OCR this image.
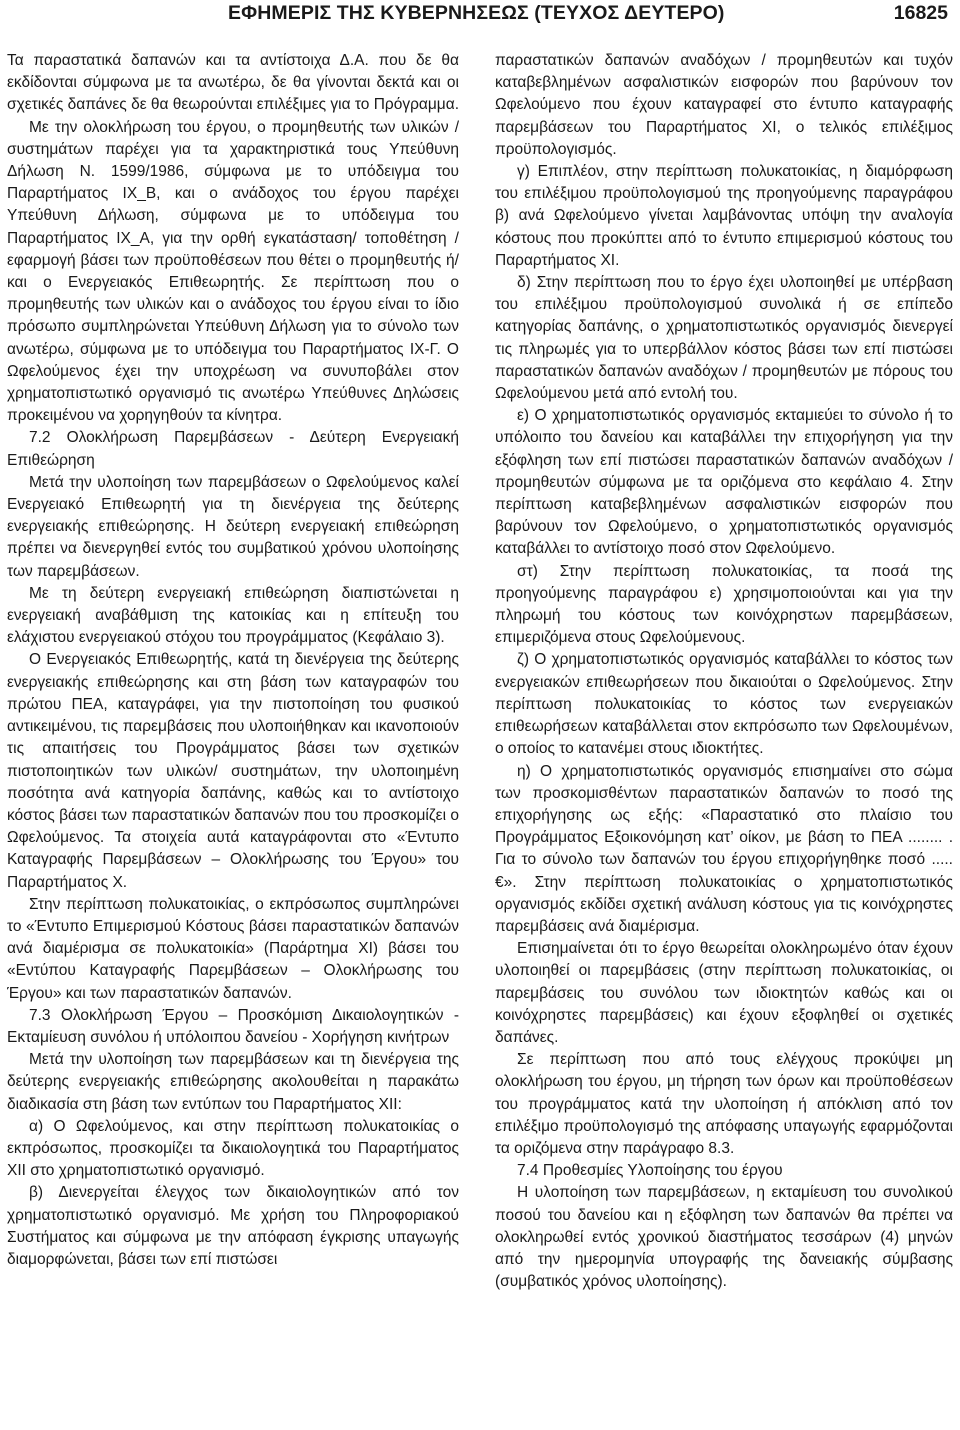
ΕΦΗΜΕΡΙΣ ΤΗΣ ΚΥΒΕΡΝΗΣΕΩΣ (ΤΕΥΧΟΣ ΔΕΥΤΕΡΟ)	16825

Τα παραστατικά δαπανών και τα αντίστοιχα Δ.Α. που δε θα εκδίδονται σύμφωνα με τα ανωτέρω, δε θα γίνονται δεκτά και οι σχετικές δαπάνες δε θα θεωρούνται επιλέξιμες για το Πρόγραμμα.

Με την ολοκλήρωση του έργου, ο προμηθευτής των υλικών / συστημάτων παρέχει για τα χαρακτηριστικά τους Υπεύθυνη Δήλωση Ν. 1599/1986, σύμφωνα με το υπόδειγμα του Παραρτήματος ΙΧ_Β, και ο ανάδοχος του έργου παρέχει Υπεύθυνη Δήλωση, σύμφωνα με το υπόδειγμα του Παραρτήματος ΙΧ_Α, για την ορθή εγκατάσταση/ τοποθέτηση / εφαρμογή βάσει των προϋποθέσεων που θέτει ο προμηθευτής ή/και ο Ενεργειακός Επιθεωρητής. Σε περίπτωση που ο προμηθευτής των υλικών και ο ανάδοχος του έργου είναι το ίδιο πρόσωπο συμπληρώνεται Υπεύθυνη Δήλωση για το σύνολο των ανωτέρω, σύμφωνα με το υπόδειγμα του Παραρτήματος ΙΧ-Γ. Ο Ωφελούμενος έχει την υποχρέωση να συνυποβάλει στον χρηματοπιστωτικό οργανισμό τις ανωτέρω Υπεύθυνες Δηλώσεις προκειμένου να χορηγηθούν τα κίνητρα.

7.2 Ολοκλήρωση Παρεμβάσεων - Δεύτερη Ενεργειακή Επιθεώρηση

Μετά την υλοποίηση των παρεμβάσεων ο Ωφελούμενος καλεί Ενεργειακό Επιθεωρητή για τη διενέργεια της δεύτερης ενεργειακής επιθεώρησης. Η δεύτερη ενεργειακή επιθεώρηση πρέπει να διενεργηθεί εντός του συμβατικού χρόνου υλοποίησης των παρεμβάσεων.

Με τη δεύτερη ενεργειακή επιθεώρηση διαπιστώνεται η ενεργειακή αναβάθμιση της κατοικίας και η επίτευξη του ελάχιστου ενεργειακού στόχου του προγράμματος (Κεφάλαιο 3).

Ο Ενεργειακός Επιθεωρητής, κατά τη διενέργεια της δεύτερης ενεργειακής επιθεώρησης και στη βάση των καταγραφών του πρώτου ΠΕΑ, καταγράφει, για την πιστοποίηση του φυσικού αντικειμένου, τις παρεμβάσεις που υλοποιήθηκαν και ικανοποιούν τις απαιτήσεις του Προγράμματος βάσει των σχετικών πιστοποιητικών των υλικών/ συστημάτων, την υλοποιημένη ποσότητα ανά κατηγορία δαπάνης, καθώς και το αντίστοιχο κόστος βάσει των παραστατικών δαπανών που του προσκομίζει ο Ωφελούμενος. Τα στοιχεία αυτά καταγράφονται στο «Έντυπο Καταγραφής Παρεμβάσεων – Ολοκλήρωσης του Έργου» του Παραρτήματος Χ.

Στην περίπτωση πολυκατοικίας, ο εκπρόσωπος συμπληρώνει το «Έντυπο Επιμερισμού Κόστους βάσει παραστατικών δαπανών ανά διαμέρισμα σε πολυκατοικία» (Παράρτημα ΧΙ) βάσει του «Εντύπου Καταγραφής Παρεμβάσεων – Ολοκλήρωσης του Έργου» και των παραστατικών δαπανών.

7.3 Ολοκλήρωση Έργου – Προσκόμιση Δικαιολογητικών - Εκταμίευση συνόλου ή υπόλοιπου δανείου - Χορήγηση κινήτρων

Μετά την υλοποίηση των παρεμβάσεων και τη διενέργεια της δεύτερης ενεργειακής επιθεώρησης ακολουθείται η παρακάτω διαδικασία στη βάση των εντύπων του Παραρτήματος ΧΙΙ:

α) Ο Ωφελούμενος, και στην περίπτωση πολυκατοικίας ο εκπρόσωπος, προσκομίζει τα δικαιολογητικά του Παραρτήματος ΧΙΙ στο χρηματοπιστωτικό οργανισμό.

β) Διενεργείται έλεγχος των δικαιολογητικών από τον χρηματοπιστωτικό οργανισμό. Με χρήση του Πληροφοριακού Συστήματος και σύμφωνα με την απόφαση έγκρισης υπαγωγής διαμορφώνεται, βάσει των επί πιστώσει

παραστατικών δαπανών αναδόχων / προμηθευτών και τυχόν καταβεβλημένων ασφαλιστικών εισφορών που βαρύνουν τον Ωφελούμενο που έχουν καταγραφεί στο έντυπο καταγραφής παρεμβάσεων του Παραρτήματος ΧΙ, ο τελικός επιλέξιμος προϋπολογισμός.

γ) Επιπλέον, στην περίπτωση πολυκατοικίας, η διαμόρφωση του επιλέξιμου προϋπολογισμού της προηγούμενης παραγράφου β) ανά Ωφελούμενο γίνεται λαμβάνοντας υπόψη την αναλογία κόστους που προκύπτει από το έντυπο επιμερισμού κόστους του Παραρτήματος ΧΙ.

δ) Στην περίπτωση που το έργο έχει υλοποιηθεί με υπέρβαση του επιλέξιμου προϋπολογισμού συνολικά ή σε επίπεδο κατηγορίας δαπάνης, ο χρηματοπιστωτικός οργανισμός διενεργεί τις πληρωμές για το υπερβάλλον κόστος βάσει των επί πιστώσει παραστατικών δαπανών αναδόχων / προμηθευτών με πόρους του Ωφελούμενου μετά από εντολή του.

ε) Ο χρηματοπιστωτικός οργανισμός εκταμιεύει το σύνολο ή το υπόλοιπο του δανείου και καταβάλλει την επιχορήγηση για την εξόφληση των επί πιστώσει παραστατικών δαπανών αναδόχων / προμηθευτών σύμφωνα με τα οριζόμενα στο κεφάλαιο 4. Στην περίπτωση καταβεβλημένων ασφαλιστικών εισφορών που βαρύνουν τον Ωφελούμενο, ο χρηματοπιστωτικός οργανισμός καταβάλλει το αντίστοιχο ποσό στον Ωφελούμενο.

στ) Στην περίπτωση πολυκατοικίας, τα ποσά της προηγούμενης παραγράφου ε) χρησιμοποιούνται και για την πληρωμή του κόστους των κοινόχρηστων παρεμβάσεων, επιμεριζόμενα στους Ωφελούμενους.

ζ) Ο χρηματοπιστωτικός οργανισμός καταβάλλει το κόστος των ενεργειακών επιθεωρήσεων που δικαιούται ο Ωφελούμενος. Στην περίπτωση πολυκατοικίας το κόστος των ενεργειακών επιθεωρήσεων καταβάλλεται στον εκπρόσωπο των Ωφελουμένων, ο οποίος το κατανέμει στους ιδιοκτήτες.

η) Ο χρηματοπιστωτικός οργανισμός επισημαίνει στο σώμα των προσκομισθέντων παραστατικών δαπανών το ποσό της επιχορήγησης ως εξής: «Παραστατικό στο πλαίσιο του Προγράμματος Εξοικονόμηση κατ’ οίκον, με βάση το ΠΕΑ ........ . Για το σύνολο των δαπανών του έργου επιχορήγηθηκε ποσό ..... €». Στην περίπτωση πολυκατοικίας ο χρηματοπιστωτικός οργανισμός εκδίδει σχετική ανάλυση κόστους για τις κοινόχρηστες παρεμβάσεις ανά διαμέρισμα.

Επισημαίνεται ότι το έργο θεωρείται ολοκληρωμένο όταν έχουν υλοποιηθεί οι παρεμβάσεις (στην περίπτωση πολυκατοικίας, οι παρεμβάσεις του συνόλου των ιδιοκτητών καθώς και οι κοινόχρηστες παρεμβάσεις) και έχουν εξοφληθεί οι σχετικές δαπάνες.

Σε περίπτωση που από τους ελέγχους προκύψει μη ολοκλήρωση του έργου, μη τήρηση των όρων και προϋποθέσεων του προγράμματος κατά την υλοποίηση ή απόκλιση από τον επιλέξιμο προϋπολογισμό της απόφασης υπαγωγής εφαρμόζονται τα οριζόμενα στην παράγραφο 8.3.

7.4 Προθεσμίες Υλοποίησης του έργου

Η υλοποίηση των παρεμβάσεων, η εκταμίευση του συνολικού ποσού του δανείου και η εξόφληση των δαπανών θα πρέπει να ολοκληρωθεί εντός χρονικού διαστήματος τεσσάρων (4) μηνών από την ημερομηνία υπογραφής της δανειακής σύμβασης (συμβατικός χρόνος υλοποίησης).
